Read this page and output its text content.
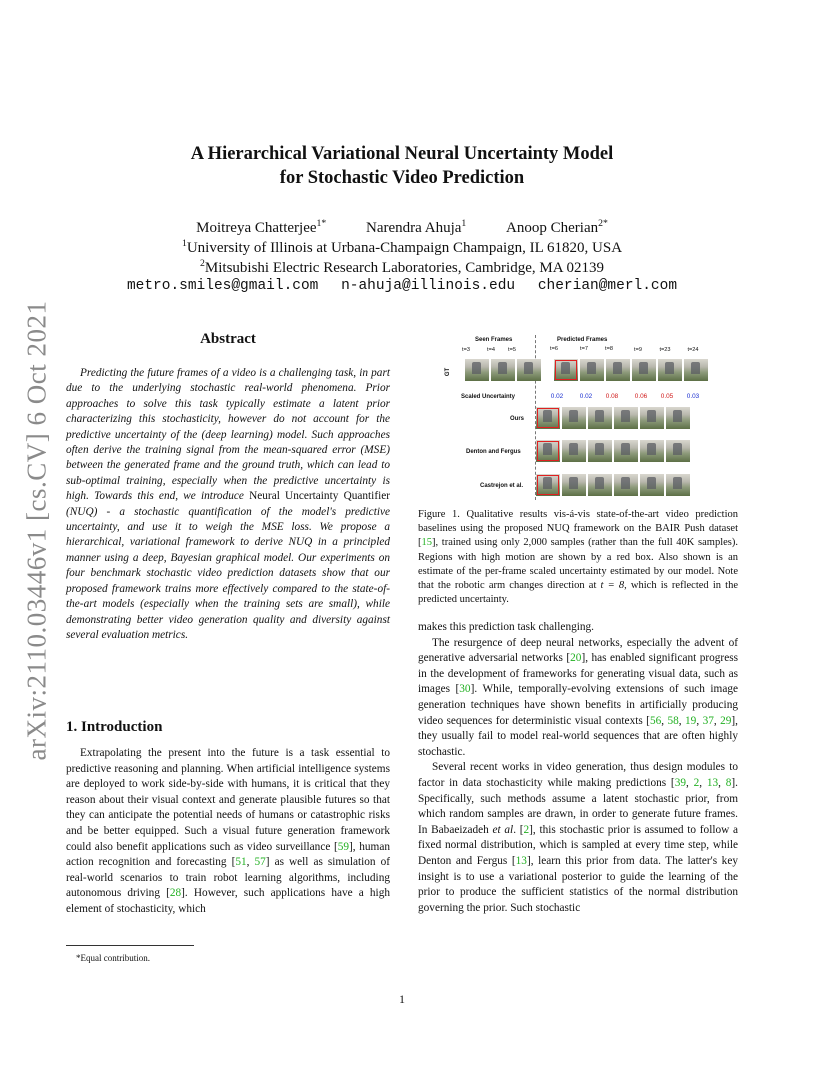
arXiv:2110.03446v1 [cs.CV] 6 Oct 2021
A Hierarchical Variational Neural Uncertainty Model
for Stochastic Video Prediction
Moitreya Chatterjee$^{1*}$	Narendra Ahuja$^1$	Anoop Cherian$^{2*}$
$^1$University of Illinois at Urbana-Champaign Champaign, IL 61820, USA
$^2$Mitsubishi Electric Research Laboratories, Cambridge, MA 02139
metro.smiles@gmail.com n-ahuja@illinois.edu cherian@merl.com
Abstract
Predicting the future frames of a video is a challenging task, in part due to the underlying stochastic real-world phenomena. Prior approaches to solve this task typically estimate a latent prior characterizing this stochasticity, however do not account for the predictive uncertainty of the (deep learning) model. Such approaches often derive the training signal from the mean-squared error (MSE) between the generated frame and the ground truth, which can lead to sub-optimal training, especially when the predictive uncertainty is high. Towards this end, we introduce Neural Uncertainty Quantifier (NUQ) - a stochastic quantification of the model's predictive uncertainty, and use it to weigh the MSE loss. We propose a hierarchical, variational framework to derive NUQ in a principled manner using a deep, Bayesian graphical model. Our experiments on four benchmark stochastic video prediction datasets show that our proposed framework trains more effectively compared to the state-of-the-art models (especially when the training sets are small), while demonstrating better video generation quality and diversity against several evaluation metrics.
1. Introduction
Extrapolating the present into the future is a task essential to predictive reasoning and planning. When artificial intelligence systems are deployed to work side-by-side with humans, it is critical that they reason about their visual context and generate plausible futures so that they can anticipate the potential needs of humans or catastrophic risks and be better equipped. Such a visual future generation framework could also benefit applications such as video surveillance [59], human action recognition and forecasting [51, 57] as well as simulation of real-world scenarios to train robot learning algorithms, including autonomous driving [28]. However, such applications have a high element of stochasticity, which
*Equal contribution.
Seen Frames	Predicted Frames
t=3	t=4	t=5	t=6	t=7	t=8	t=9	t=23	t=24
GT
Scaled Uncertainty	0.02	0.02	0.08	0.06	0.05	0.03
Ours
Denton and Fergus
Castrejon et al.
Figure 1. Qualitative results vis-á-vis state-of-the-art video prediction baselines using the proposed NUQ framework on the BAIR Push dataset [15], trained using only 2,000 samples (rather than the full 40K samples). Regions with high motion are shown by a red box. Also shown is an estimate of the per-frame scaled uncertainty estimated by our model. Note that the robotic arm changes direction at t = 8, which is reflected in the predicted uncertainty.

makes this prediction task challenging.

The resurgence of deep neural networks, especially the advent of generative adversarial networks [20], has enabled significant progress in the development of frameworks for generating visual data, such as images [30]. While, temporally-evolving extensions of such image generation techniques have shown benefits in artificially producing video sequences for deterministic visual contexts [56, 58, 19, 37, 29], they usually fail to model real-world sequences that are often highly stochastic.

Several recent works in video generation, thus design modules to factor in data stochasticity while making predictions [39, 2, 13, 8]. Specifically, such methods assume a latent stochastic prior, from which random samples are drawn, in order to generate future frames. In Babaeizadeh et al. [2], this stochastic prior is assumed to follow a fixed normal distribution, which is sampled at every time step, while Denton and Fergus [13], learn this prior from data. The latter's key insight is to use a variational posterior to guide the learning of the prior to produce the sufficient statistics of the normal distribution governing the prior. Such stochastic

1
